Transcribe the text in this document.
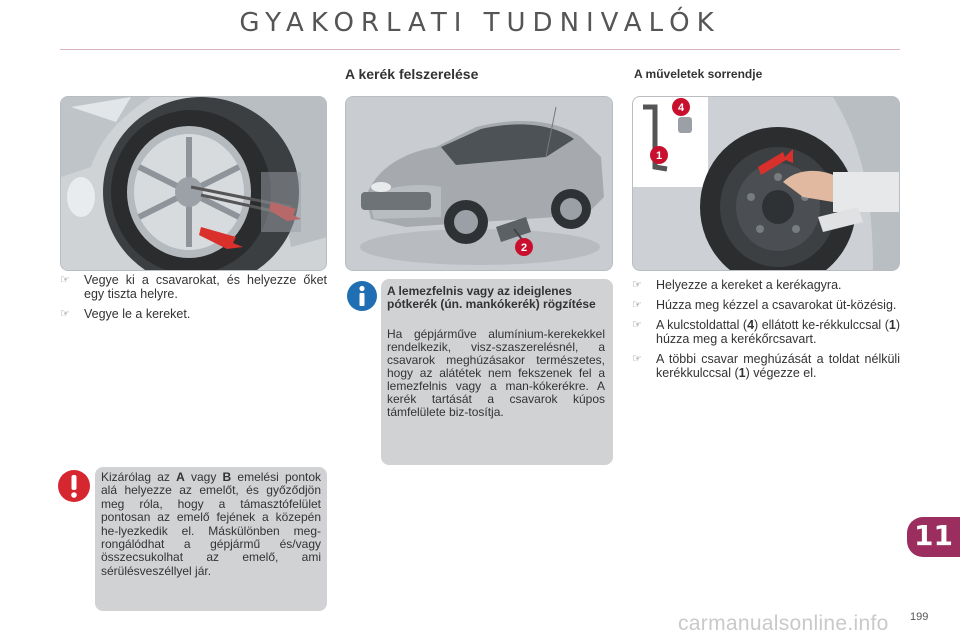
GYAKORLATI TUDNIVALÓK
A kerék felszerelése	A műveletek sorrendje
2
1
4
☞ Vegye ki a csavarokat, és helyezze őket egy tiszta helyre.
☞ Vegye le a kereket.
A lemezfelnis vagy az ideiglenes pótkerék (ún. mankókerék) rögzítése
Ha gépjárműve alumínium-kerekekkel rendelkezik, visz-szaszerelésnél, a csavarok meghúzásakor természetes, hogy az alátétek nem fekszenek fel a lemezfelnis vagy a man-kókerékre. A kerék tartását a csavarok kúpos támfelülete biz-tosítja.
Kizárólag az A vagy B emelési pontok alá helyezze az emelőt, és győződjön meg róla, hogy a támasztófelület pontosan az emelő fejének a közepén he-lyezkedik el. Máskülönben meg-rongálódhat a gépjármű és/vagy összecsukolhat az emelő, ami sérülésveszéllyel jár.
☞ Helyezze a kereket a kerékagyra.
☞ Húzza meg kézzel a csavarokat üt-közésig.
☞ A kulcstoldattal (4) ellátott ke-rékkulccsal (1) húzza meg a kerékőrcsavart.
☞ A többi csavar meghúzását a toldat nélküli kerékkulccsal (1) végezze el.
11
199
carmanualsonline.info
